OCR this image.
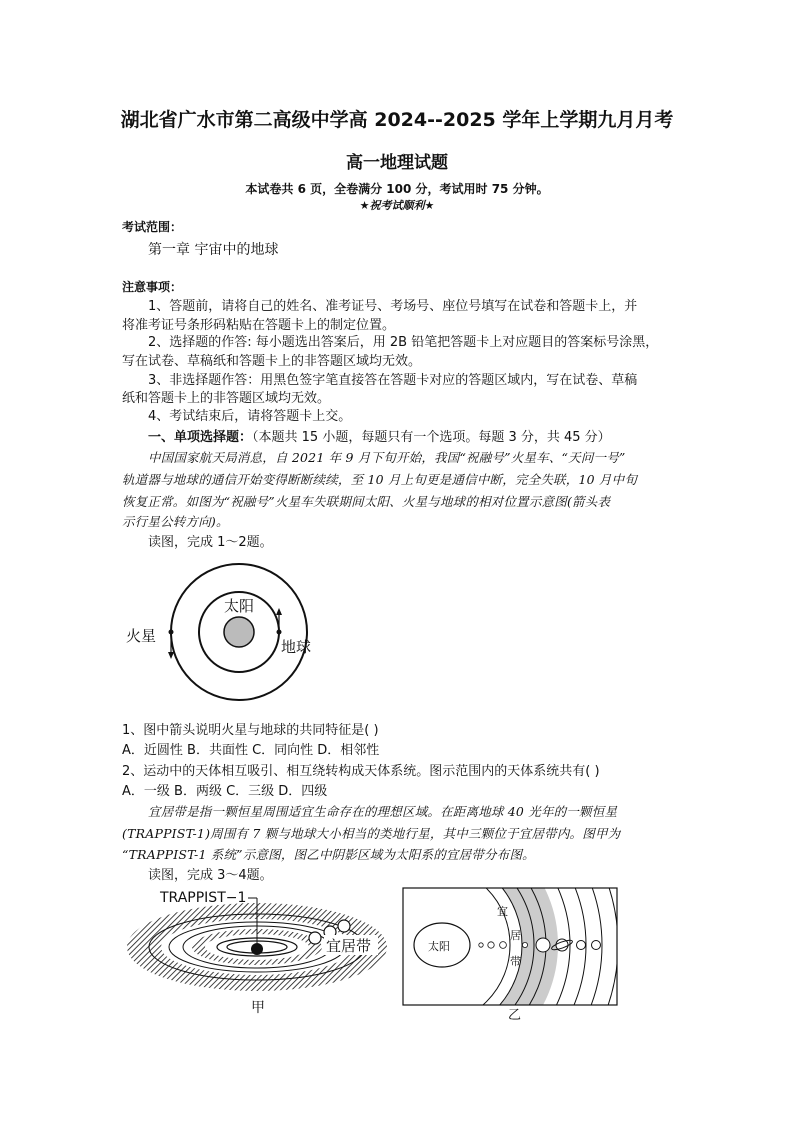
湖北省广水市第二高级中学高 2024--2025 学年上学期九月月考
高一地理试题
本试卷共 6 页，全卷满分 100 分，考试用时 75 分钟。
★祝考试顺利★
考试范围：
第一章 宇宙中的地球
注意事项：
1、答题前，请将自己的姓名、准考证号、考场号、座位号填写在试卷和答题卡上，并
将准考证号条形码粘贴在答题卡上的制定位置。
2、选择题的作答: 每小题选出答案后，用 2B 铅笔把答题卡上对应题目的答案标号涂黑，
写在试卷、草稿纸和答题卡上的非答题区域均无效。
3、非选择题作答：用黑色签字笔直接答在答题卡对应的答题区域内，写在试卷、草稿
纸和答题卡上的非答题区域均无效。
4、考试结束后，请将答题卡上交。
一、单项选择题：（本题共 15 小题，每题只有一个选项。每题 3 分，共 45 分）
中国国家航天局消息，自 2021 年 9 月下旬开始，我国“祝融号”火星车、“天问一号”
轨道器与地球的通信开始变得断断续续，至 10 月上旬更是通信中断，完全失联，10 月中旬
恢复正常。如图为“祝融号”火星车失联期间太阳、火星与地球的相对位置示意图(箭头表
示行星公转方向)。
读图，完成 1～2题。
太阳
火星
地球
1、图中箭头说明火星与地球的共同特征是( )
A．近圆性 B．共面性 C．同向性 D．相邻性
2、运动中的天体相互吸引、相互绕转构成天体系统。图示范围内的天体系统共有( )
A．一级 B．两级 C．三级 D．四级
宜居带是指一颗恒星周围适宜生命存在的理想区域。在距离地球 40 光年的一颗恒星
(TRAPPIST-1)周围有 7 颗与地球大小相当的类地行星，其中三颗位于宜居带内。图甲为
“TRAPPIST-1 系统”示意图，图乙中阴影区域为太阳系的宜居带分布图。
读图，完成 3～4题。
TRAPPIST−1
宜居带
甲
太阳
宜
居
带
乙
